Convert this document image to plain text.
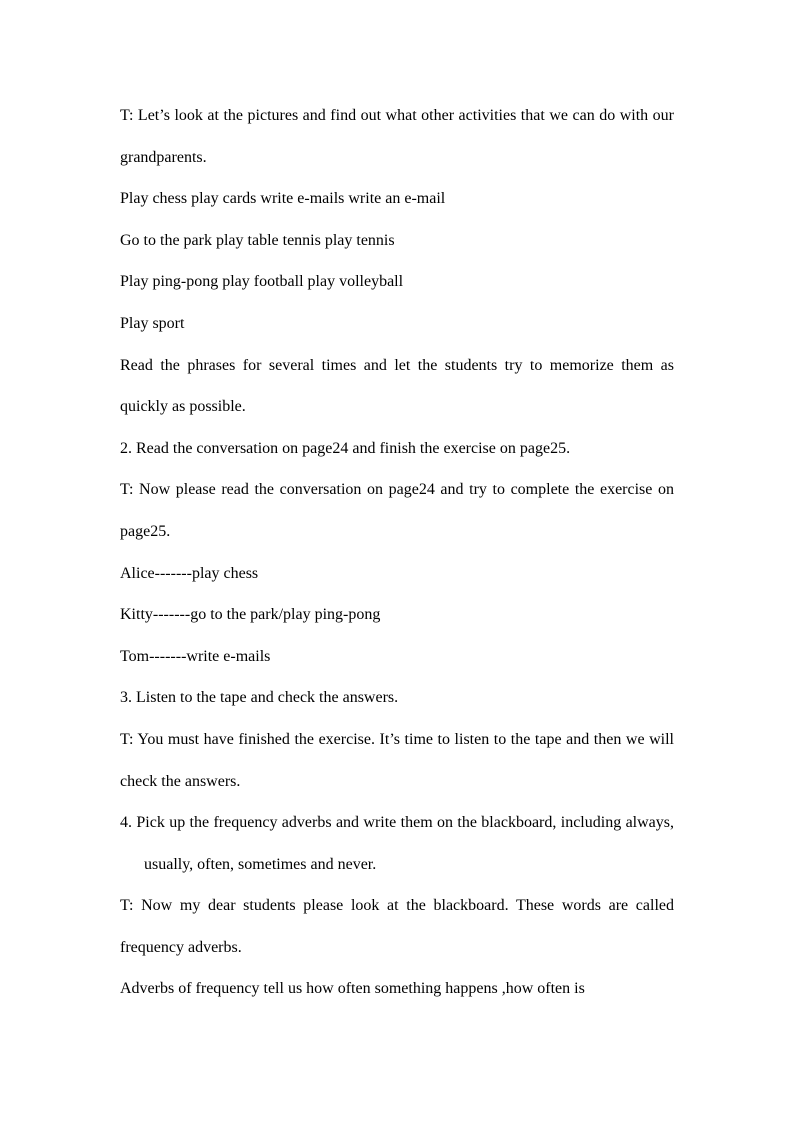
T: Let’s look at the pictures and find out what other activities that we can do with our grandparents.

Play chess play cards write e-mails write an e-mail

Go to the park play table tennis play tennis

Play ping-pong play football play volleyball

Play sport

Read the phrases for several times and let the students try to memorize them as quickly as possible.

2. Read the conversation on page24 and finish the exercise on page25.

T: Now please read the conversation on page24 and try to complete the exercise on page25.

Alice-------play chess

Kitty-------go to the park/play ping-pong

Tom-------write e-mails

3. Listen to the tape and check the answers.

T: You must have finished the exercise. It’s time to listen to the tape and then we will check the answers.

4. Pick up the frequency adverbs and write them on the blackboard, including always, usually, often, sometimes and never.

T: Now my dear students please look at the blackboard. These words are called frequency adverbs.

Adverbs of frequency tell us how often something happens ,how often is
